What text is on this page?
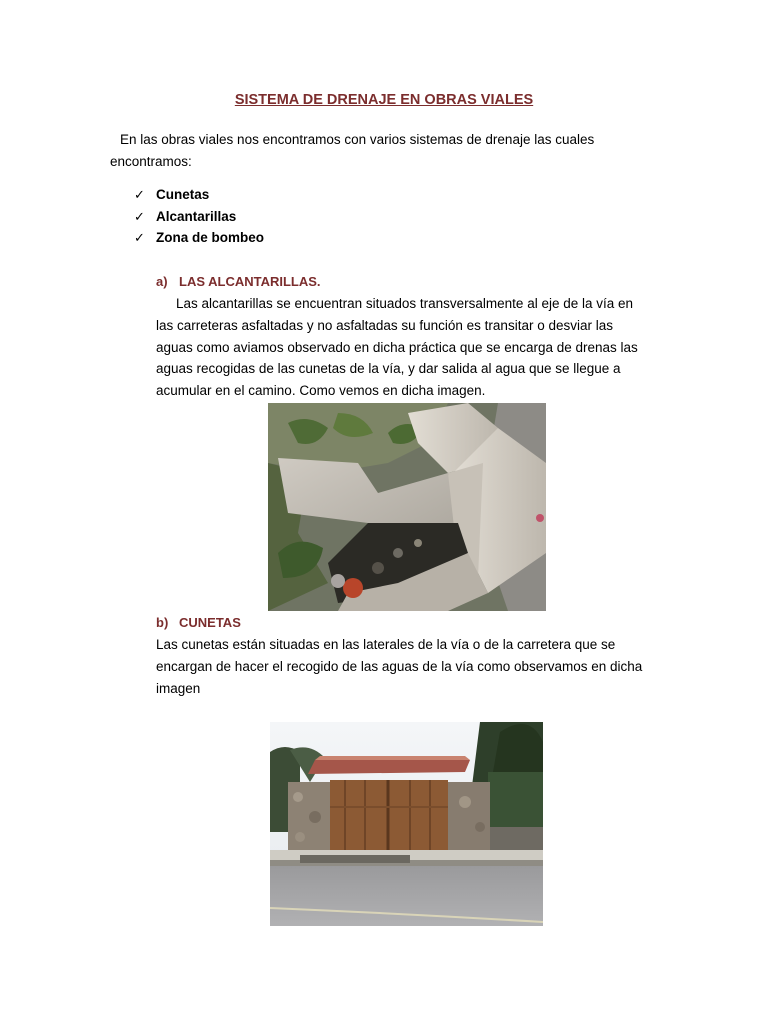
SISTEMA DE DRENAJE EN OBRAS VIALES
En las obras viales nos encontramos con varios sistemas de drenaje las cuales
encontramos:
✓ Cunetas
✓ Alcantarillas
✓ Zona de bombeo
a) LAS ALCANTARILLAS.
Las alcantarillas se encuentran situados transversalmente al eje de la vía en
las carreteras asfaltadas y no asfaltadas su función es transitar o desviar las
aguas como aviamos observado en dicha práctica que se encarga de drenas las
aguas recogidas de las cunetas de la vía, y dar salida al agua que se llegue a
acumular en el camino. Como vemos en dicha imagen.
b) CUNETAS
Las cunetas están situadas en las laterales de la vía o de la carretera que se
encargan de hacer el recogido de las aguas de la vía como observamos en dicha
imagen
